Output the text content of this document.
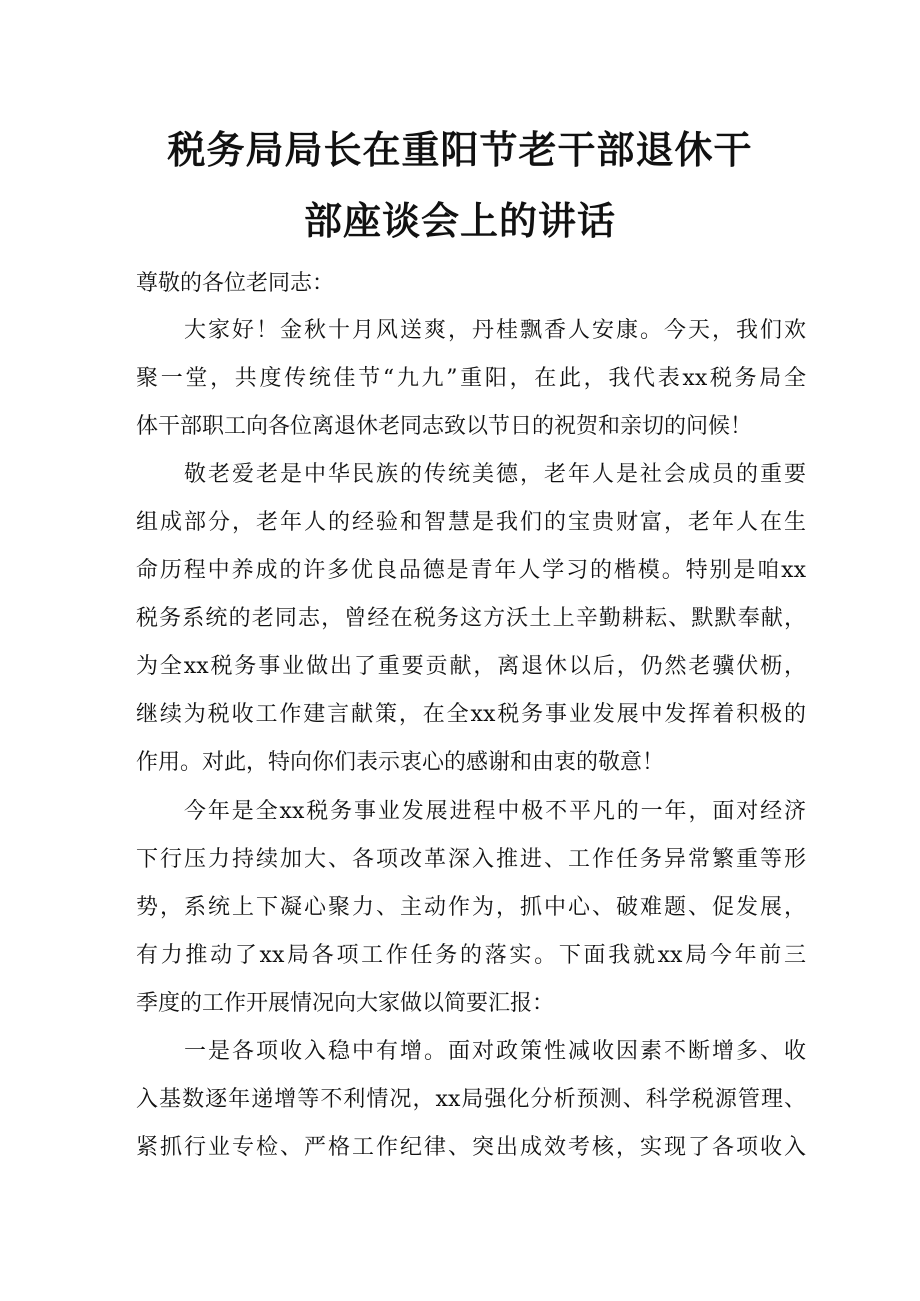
税务局局长在重阳节老干部退休干
部座谈会上的讲话
尊敬的各位老同志：
大家好！金秋十月风送爽，丹桂飘香人安康。今天，我们欢
聚一堂，共度传统佳节“九九”重阳，在此，我代表xx税务局全
体干部职工向各位离退休老同志致以节日的祝贺和亲切的问候！
敬老爱老是中华民族的传统美德，老年人是社会成员的重要
组成部分，老年人的经验和智慧是我们的宝贵财富，老年人在生
命历程中养成的许多优良品德是青年人学习的楷模。特别是咱xx
税务系统的老同志，曾经在税务这方沃土上辛勤耕耘、默默奉献，
为全xx税务事业做出了重要贡献，离退休以后，仍然老骥伏枥，
继续为税收工作建言献策，在全xx税务事业发展中发挥着积极的
作用。对此，特向你们表示衷心的感谢和由衷的敬意！
今年是全xx税务事业发展进程中极不平凡的一年，面对经济
下行压力持续加大、各项改革深入推进、工作任务异常繁重等形
势，系统上下凝心聚力、主动作为，抓中心、破难题、促发展，
有力推动了xx局各项工作任务的落实。下面我就xx局今年前三
季度的工作开展情况向大家做以简要汇报：
一是各项收入稳中有增。面对政策性减收因素不断增多、收
入基数逐年递增等不利情况，xx局强化分析预测、科学税源管理、
紧抓行业专检、严格工作纪律、突出成效考核，实现了各项收入
